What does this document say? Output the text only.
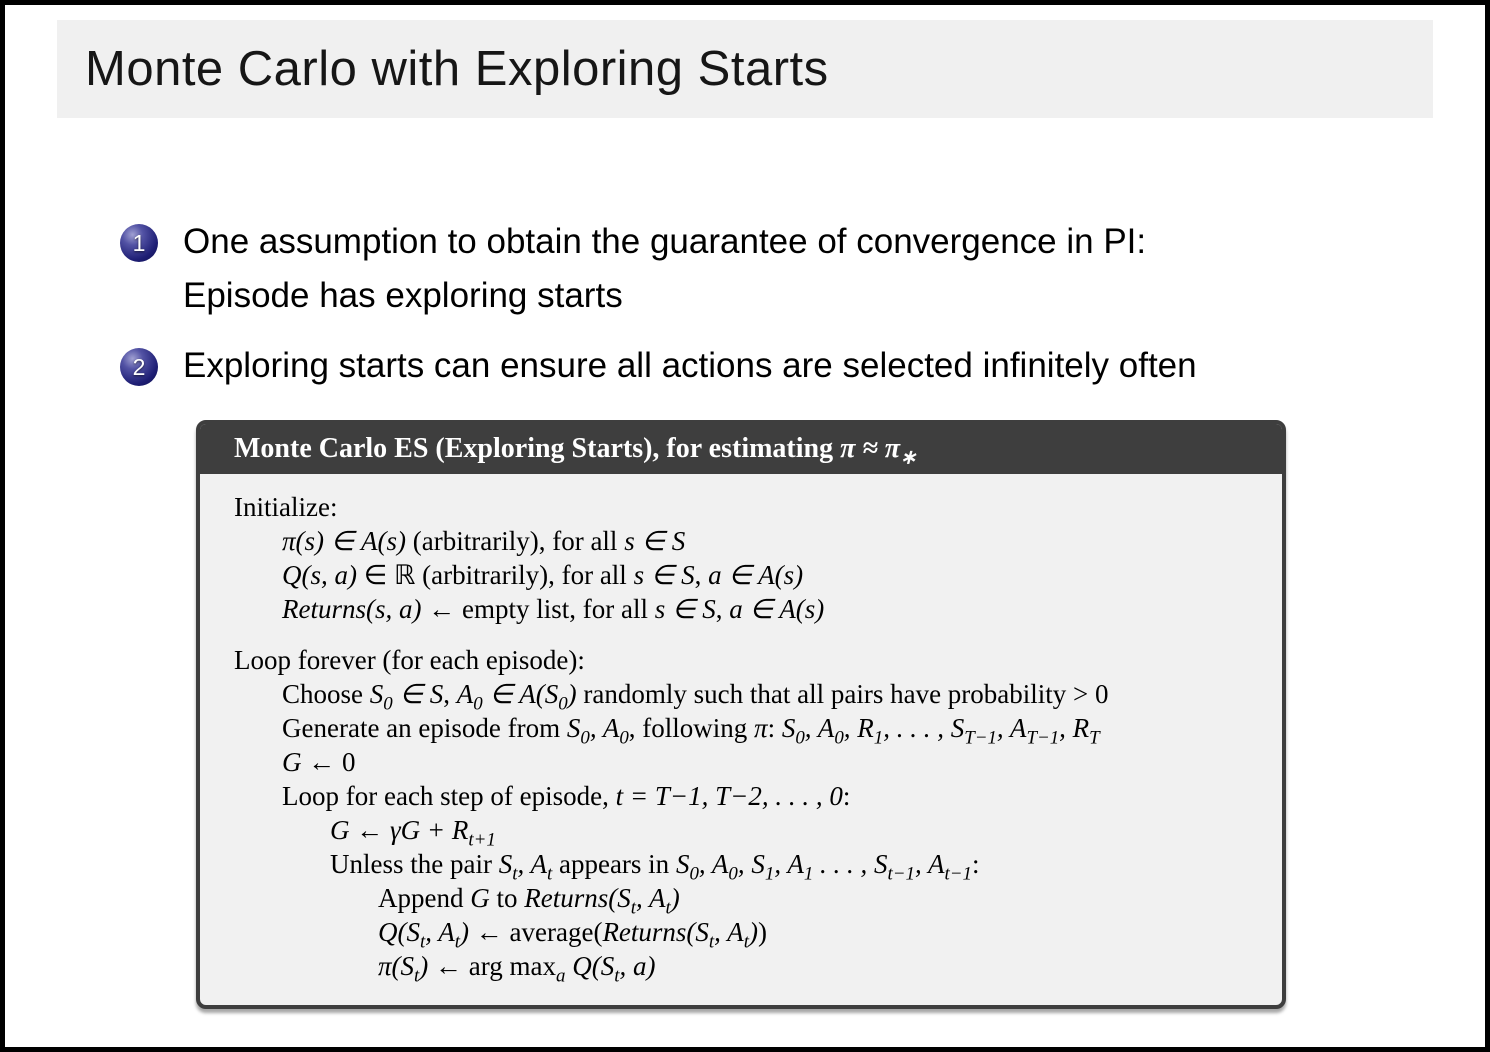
Monte Carlo with Exploring Starts
1	One assumption to obtain the guarantee of convergence in PI:
Episode has exploring starts
2	Exploring starts can ensure all actions are selected infinitely often
Monte Carlo ES (Exploring Starts), for estimating $\pi \approx \pi_∗$
Initialize:
π(s) ∈ A(s) (arbitrarily), for all s ∈ S
Q(s, a) ∈ ℝ (arbitrarily), for all s ∈ S, a ∈ A(s)
Returns(s, a) ← empty list, for all s ∈ S, a ∈ A(s)
Loop forever (for each episode):
Choose $S_0$ ∈ S, $A_0$ ∈ $A(S_0)$ randomly such that all pairs have probability > 0
Generate an episode from $S_0$, $A_0$, following π: $S_0$, $A_0$, $R_1$, . . . , $S_{T-1}$, $A_{T-1}$, $R_T$
G ← 0
Loop for each step of episode, t = T−1, T−2, . . . , 0:
G ← $\gamma G + R_{t+1}$
Unless the pair $S_t$, $A_t$ appears in $S_0$, $A_0$, $S_1$, $A_1$ . . . , $S_{t-1}$, $A_{t-1}$:
Append G to $Returns(S_t$, $A_t$)
$Q(S_t$, $A_t$) ← $average(Returns(S_t$, $A_t$))
$\pi(S_t)$ ← arg $\max_a Q(S_t$, a)
